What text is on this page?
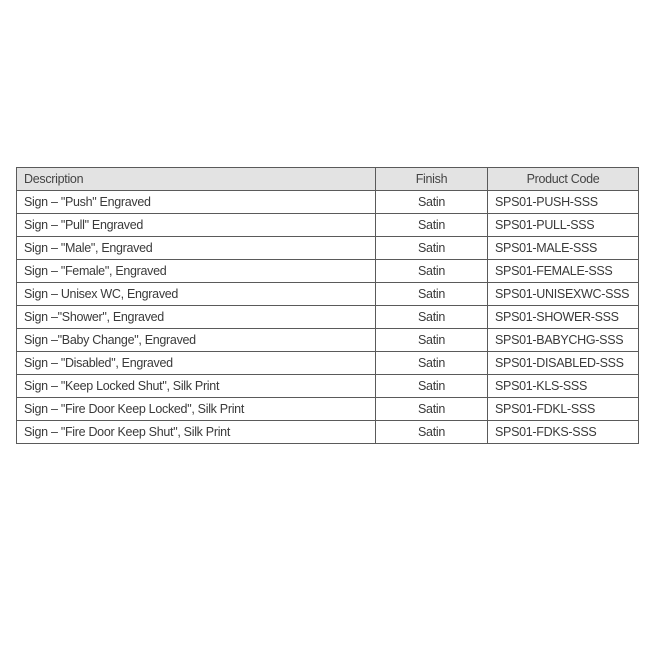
Description	Finish	Product Code
Sign – "Push" Engraved	Satin	SPS01-PUSH-SSS
Sign – "Pull" Engraved	Satin	SPS01-PULL-SSS
Sign – "Male", Engraved	Satin	SPS01-MALE-SSS
Sign – "Female", Engraved	Satin	SPS01-FEMALE-SSS
Sign – Unisex WC, Engraved	Satin	SPS01-UNISEXWC-SSS
Sign –"Shower", Engraved	Satin	SPS01-SHOWER-SSS
Sign –"Baby Change", Engraved	Satin	SPS01-BABYCHG-SSS
Sign – "Disabled", Engraved	Satin	SPS01-DISABLED-SSS
Sign – "Keep Locked Shut", Silk Print	Satin	SPS01-KLS-SSS
Sign – "Fire Door Keep Locked", Silk Print	Satin	SPS01-FDKL-SSS
Sign – "Fire Door Keep Shut", Silk Print	Satin	SPS01-FDKS-SSS
